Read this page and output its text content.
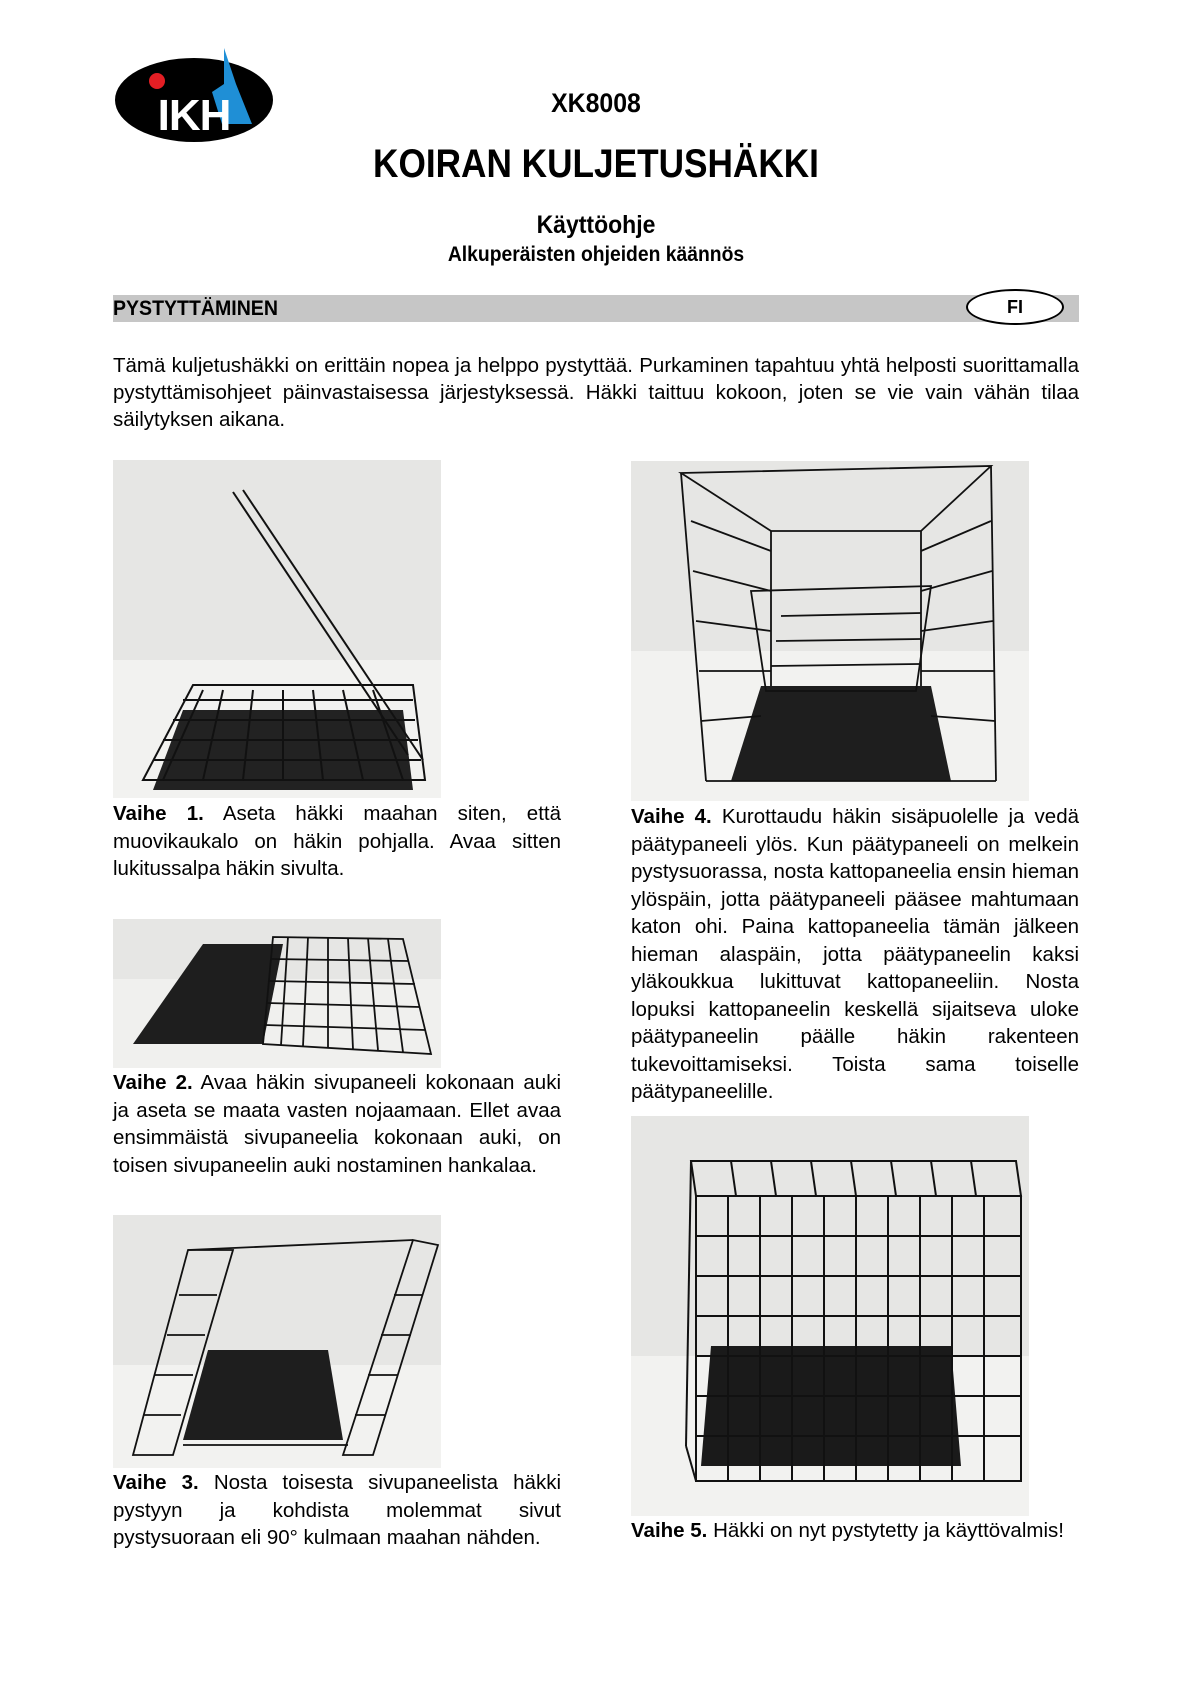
IKH	XK8008
KOIRAN KULJETUSHÄKKI
Käyttöohje
Alkuperäisten ohjeiden käännös
PYSTYTTÄMINEN	FI
Tämä kuljetushäkki on erittäin nopea ja helppo pystyttää. Purkaminen tapahtuu yhtä helposti suorittamalla pystyttämisohjeet päinvastaisessa järjestyksessä. Häkki taittuu kokoon, joten se vie vain vähän tilaa säilytyksen aikana.
Vaihe 1. Aseta häkki maahan siten, että muovikaukalo on häkin pohjalla. Avaa sitten lukitussalpa häkin sivulta.
Vaihe 2. Avaa häkin sivupaneeli kokonaan auki ja aseta se maata vasten nojaamaan. Ellet avaa ensimmäistä sivupaneelia kokonaan auki, on toisen sivupaneelin auki nostaminen hankalaa.
Vaihe 3. Nosta toisesta sivupaneelista häkki pystyyn ja kohdista molemmat sivut pystysuoraan eli 90° kulmaan maahan nähden.
Vaihe 4. Kurottaudu häkin sisäpuolelle ja vedä päätypaneeli ylös. Kun päätypaneeli on melkein pystysuorassa, nosta kattopaneelia ensin hieman ylöspäin, jotta päätypaneeli pääsee mahtumaan katon ohi. Paina kattopaneelia tämän jälkeen hieman alaspäin, jotta päätypaneelin kaksi yläkoukkua lukittuvat kattopaneeliin. Nosta lopuksi kattopaneelin keskellä sijaitseva uloke päätypaneelin päälle häkin rakenteen tukevoittamiseksi. Toista sama toiselle päätypaneelille.
Vaihe 5. Häkki on nyt pystytetty ja käyttövalmis!
